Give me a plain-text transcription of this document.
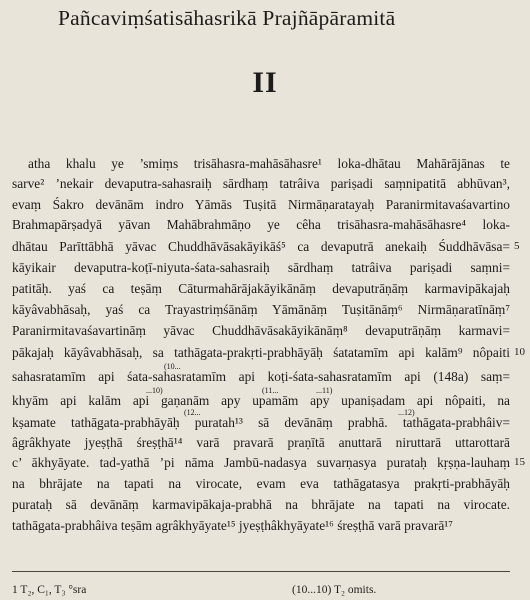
Pañcaviṃśatisāhasrikā Prajñāpāramitā
II
atha khalu ye ’smiṃs trisāhasra-mahāsāhasre¹ loka-dhātau Mahārājānas te
sarve² ’nekair devaputra-sahasraiḥ sārdhaṃ tatrâiva pariṣadi saṃnipatitā abhūvan³,
evaṃ Śakro devānām indro Yāmās Tuṣitā Nirmāṇaratayaḥ Paranirmitavaśavartino
Brahmapārṣadyā yāvan Mahābrahmāṇo ye cêha trisāhasra-mahāsāhasre⁴ loka-
dhātau Parīttābhā yāvac Chuddhāvāsakāyikāś⁵ ca devaputrā anekaiḥ Śuddhāvāsa=
kāyikair devaputra-koṭī-niyuta-śata-sahasraiḥ sārdhaṃ tatrâiva pariṣadi saṃni=
patitāḥ. yaś ca teṣāṃ Cāturmahārājakāyikānāṃ devaputrāṇāṃ karmavipākajaḥ
kāyâvabhāsaḥ, yaś ca Trayastriṃśānāṃ Yāmānāṃ Tuṣitānāṃ⁶ Nirmāṇaratīnāṃ⁷
Paranirmitavaśavartināṃ yāvac Chuddhāvāsakāyikānāṃ⁸ devaputrāṇāṃ karmavi=
pākajaḥ kāyâvabhāsaḥ, sa tathāgata-prakṛti-prabhāyāḥ śatatamīm api kalām⁹ nôpaiti
sahasratamīm api śata-sahasratamīm api koṭi-śata-sahasratamīm api (148a) saṃ=
khyām api kalām api gaṇanām apy upamām apy upaniṣadam api nôpaiti, na
kṣamate tathāgata-prabhāyāḥ puratah¹³ sā devānāṃ prabhā. tathāgata-prabhâiv=
âgrâkhyate jyeṣṭhā śreṣṭhā¹⁴ varā pravarā praṇītā anuttarā niruttarā uttarottarā
c’ ākhyāyate. tad-yathā ’pi nāma Jambū-nadasya suvarṇasya purataḥ kṛṣṇa-lauhaṃ
na bhrājate na tapati na virocate, evam eva tathāgatasya prakṛti-prabhāyāḥ
purataḥ sā devānāṃ karmavipākaja-prabhā na bhrājate na tapati na virocate.
tathāgata-prabhâiva teṣām agrâkhyāyate¹⁵ jyeṣṭhâkhyāyate¹⁶ śreṣṭhā varā pravarā¹⁷
(10...
...10)
(12...
(11...	...11)
...12)
5
10
15
1 T₂, C₁, T₃ °sra	(10...10) T₂ omits.
